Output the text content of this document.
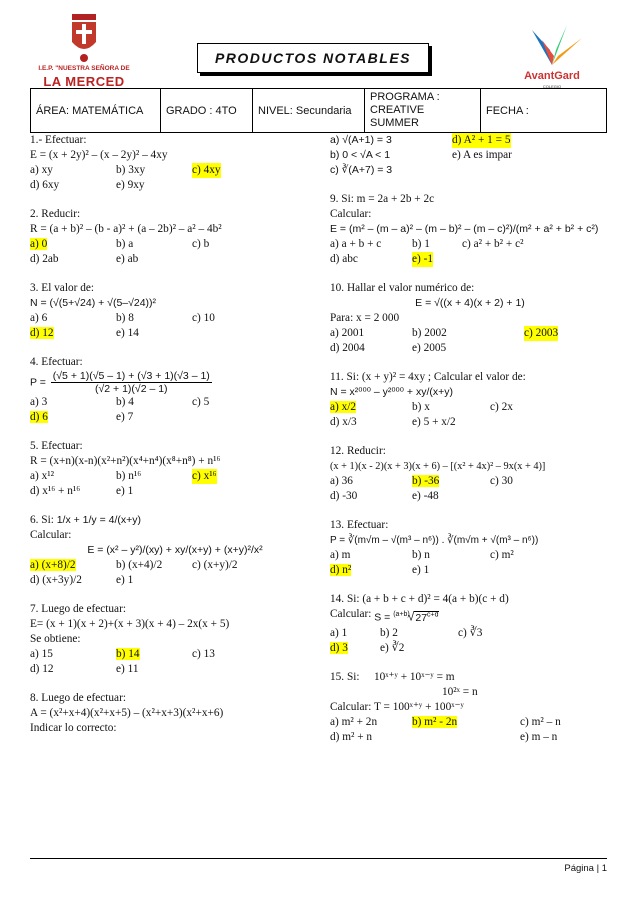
I.E.P. "NUESTRA SEÑORA DE
LA MERCED
PRODUCTOS NOTABLES
AvantGard
COLEGIO
ÁREA: MATEMÁTICA	GRADO : 4TO	NIVEL: Secundaria	PROGRAMA : CREATIVE SUMMER	FECHA :
1.- Efectuar:
E = (x + 2y)² – (x – 2y)² – 4xy
a) xy	b) 3xy	c) 4xy
d) 6xy	e) 9xy
2. Reducir:
R = (a + b)² – (b - a)² + (a – 2b)² – a² – 4b²
a) 0	b) a	c) b
d) 2ab	e) ab
3. El valor de:
N = (√(5+√24) + √(5–√24))²
a) 6	b) 8	c) 10
d) 12	e) 14
4. Efectuar:
$P = \frac{(√5 + 1)(√5 - 1) + (√3 + 1)(√3 - 1)}{(√2 + 1)(√2 - 1)}$
a) 3	b) 4	c) 5
d) 6	e) 7
5. Efectuar:
R = (x+n)(x-n)(x²+n²)(x⁴+n⁴)(x⁸+n⁸) + n¹⁶
a) x¹²	b) n¹⁶	c) x¹⁶
d) x¹⁶ + n¹⁶	e) 1
6. Si:
1/x + 1/y = 4/(x+y)
Calcular:
E = (x² – y²)/(xy) + xy/(x+y) + (x+y)²/x²
a) (x+8)/2	b) (x+4)/2	c) (x+y)/2
d) (x+3y)/2	e) 1
7. Luego de efectuar:
E= (x + 1)(x + 2)+(x + 3)(x + 4) – 2x(x + 5)
Se obtiene:
a) 15	b) 14	c) 13
d) 12	e) 11
8. Luego de efectuar:
A = (x²+x+4)(x²+x+5) – (x²+x+3)(x²+x+6)
Indicar lo correcto:
a) √(A+1) = 3	d) A² + 1 = 5
b) 0 < √A < 1	e) A es impar
c) ∛(A+7) = 3
9. Si: m = 2a + 2b + 2c
Calcular:
E = (m² – (m – a)² – (m – b)² – (m – c)²)/(m² + a² + b² + c²)
a) a + b + c	b) 1	c) a² + b² + c²
d) abc	e) -1
10. Hallar el valor numérico de:
E = √((x + 4)(x + 2) + 1)
Para: x = 2 000
a) 2001	b) 2002	c) 2003
d) 2004	e) 2005
11. Si: (x + y)² = 4xy ; Calcular el valor de:
N = x²⁰⁰⁰ – y²⁰⁰⁰ + xy/(x+y)
a) x/2	b) x	c) 2x
d) x/3	e) 5 + x/2
12. Reducir:
(x + 1)(x - 2)(x + 3)(x + 6) – [(x² + 4x)² – 9x(x + 4)]
a) 36	b) -36	c) 30
d) -30	e) -48
13. Efectuar:
P = ∛(m√m – √(m³ – n⁶)) . ∛(m√m + √(m³ – n⁶))
a) m	b) n	c) m²
d) n²	e) 1
14. Si: (a + b + c + d)² = 4(a + b)(c + d)
Calcular:
$S = ^{(a+b)}√27^{c+d}$
a) 1	b) 2	c) ∛3
d) 3	e) ∛2
15. Si:	10ˣ⁺ʸ + 10ˣ⁻ʸ = m
10²ˣ = n
Calcular: T = 100ˣ⁺ʸ + 100ˣ⁻ʸ
a) m² + 2n	b) m² - 2n	c) m² – n
d) m² + n	e) m – n
Página | 1
